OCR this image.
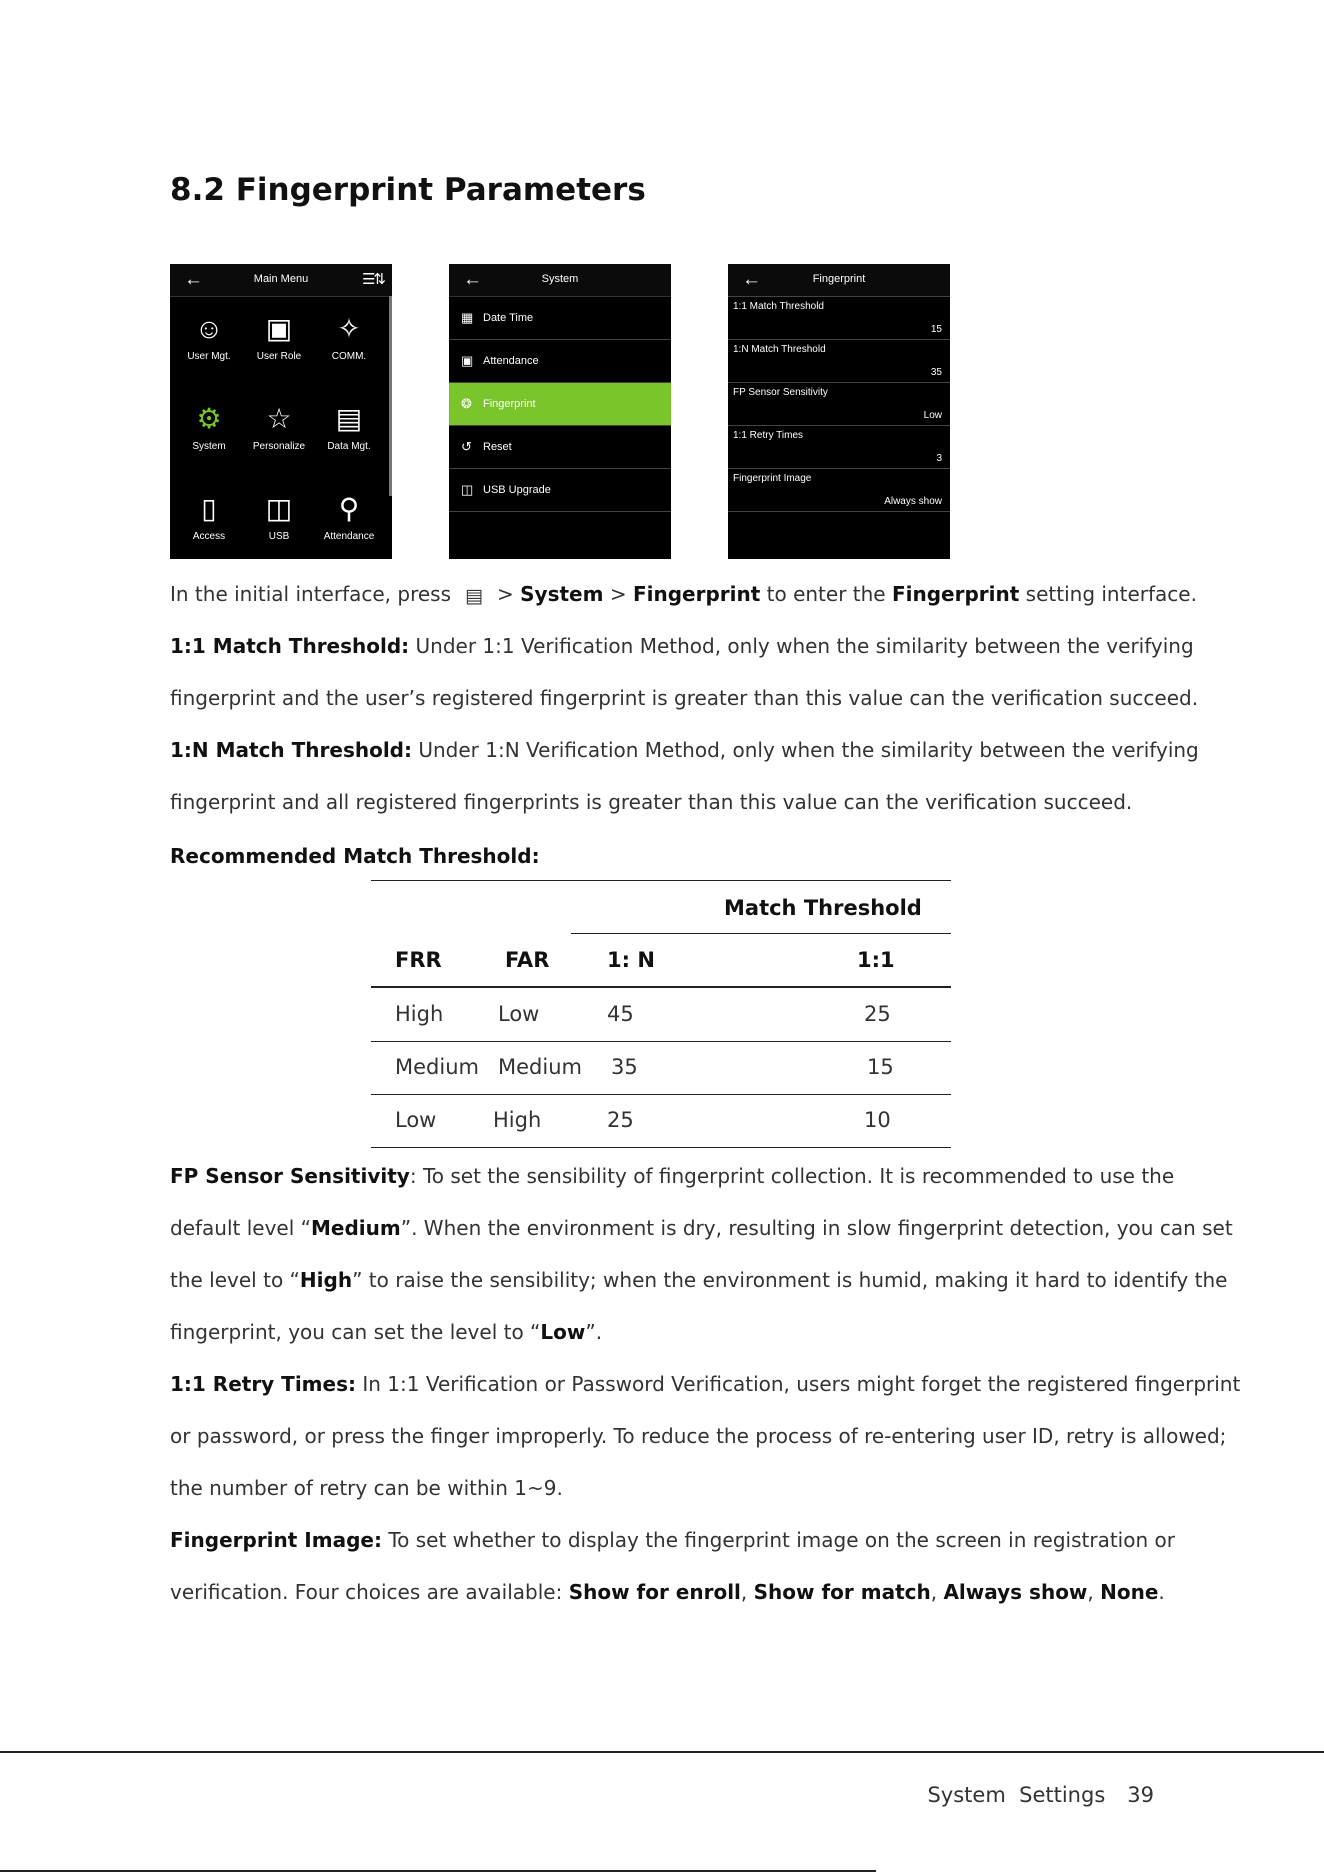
8.2 Fingerprint Parameters
←	Main Menu	☰⇅
☺
User Mgt.
▣
User Role
✧
COMM.
⚙
System
☆
Personalize
▤
Data Mgt.
▯
Access
◫
USB
⚲
Attendance
←	System
▦ Date Time
▣ Attendance
❂	Fingerprint
↺	Reset
◫ USB Upgrade
←	Fingerprint
1:1 Match Threshold
15
1:N Match Threshold
35
FP Sensor Sensitivity
Low
1:1 Retry Times
3
Fingerprint Image
Always show

In the initial interface, press ▤ > System > Fingerprint to enter the Fingerprint setting interface.

1:1 Match Threshold: Under 1:1 Verification Method, only when the similarity between the verifying

fingerprint and the user’s registered fingerprint is greater than this value can the verification succeed.

1:N Match Threshold: Under 1:N Verification Method, only when the similarity between the verifying

fingerprint and all registered fingerprints is greater than this value can the verification succeed.

Recommended Match Threshold:

Match Threshold
FRR	FAR	1: N	1:1
High	Low	45	25
Medium Medium 35	15
Low	High	25	10

FP Sensor Sensitivity: To set the sensibility of fingerprint collection. It is recommended to use the

default level “Medium”. When the environment is dry, resulting in slow fingerprint detection, you can set

the level to “High” to raise the sensibility; when the environment is humid, making it hard to identify the

fingerprint, you can set the level to “Low”.

1:1 Retry Times: In 1:1 Verification or Password Verification, users might forget the registered fingerprint

or password, or press the finger improperly. To reduce the process of re-entering user ID, retry is allowed;

the number of retry can be within 1~9.

Fingerprint Image: To set whether to display the fingerprint image on the screen in registration or

verification. Four choices are available: Show for enroll, Show for match, Always show, None.

System  Settings 39
